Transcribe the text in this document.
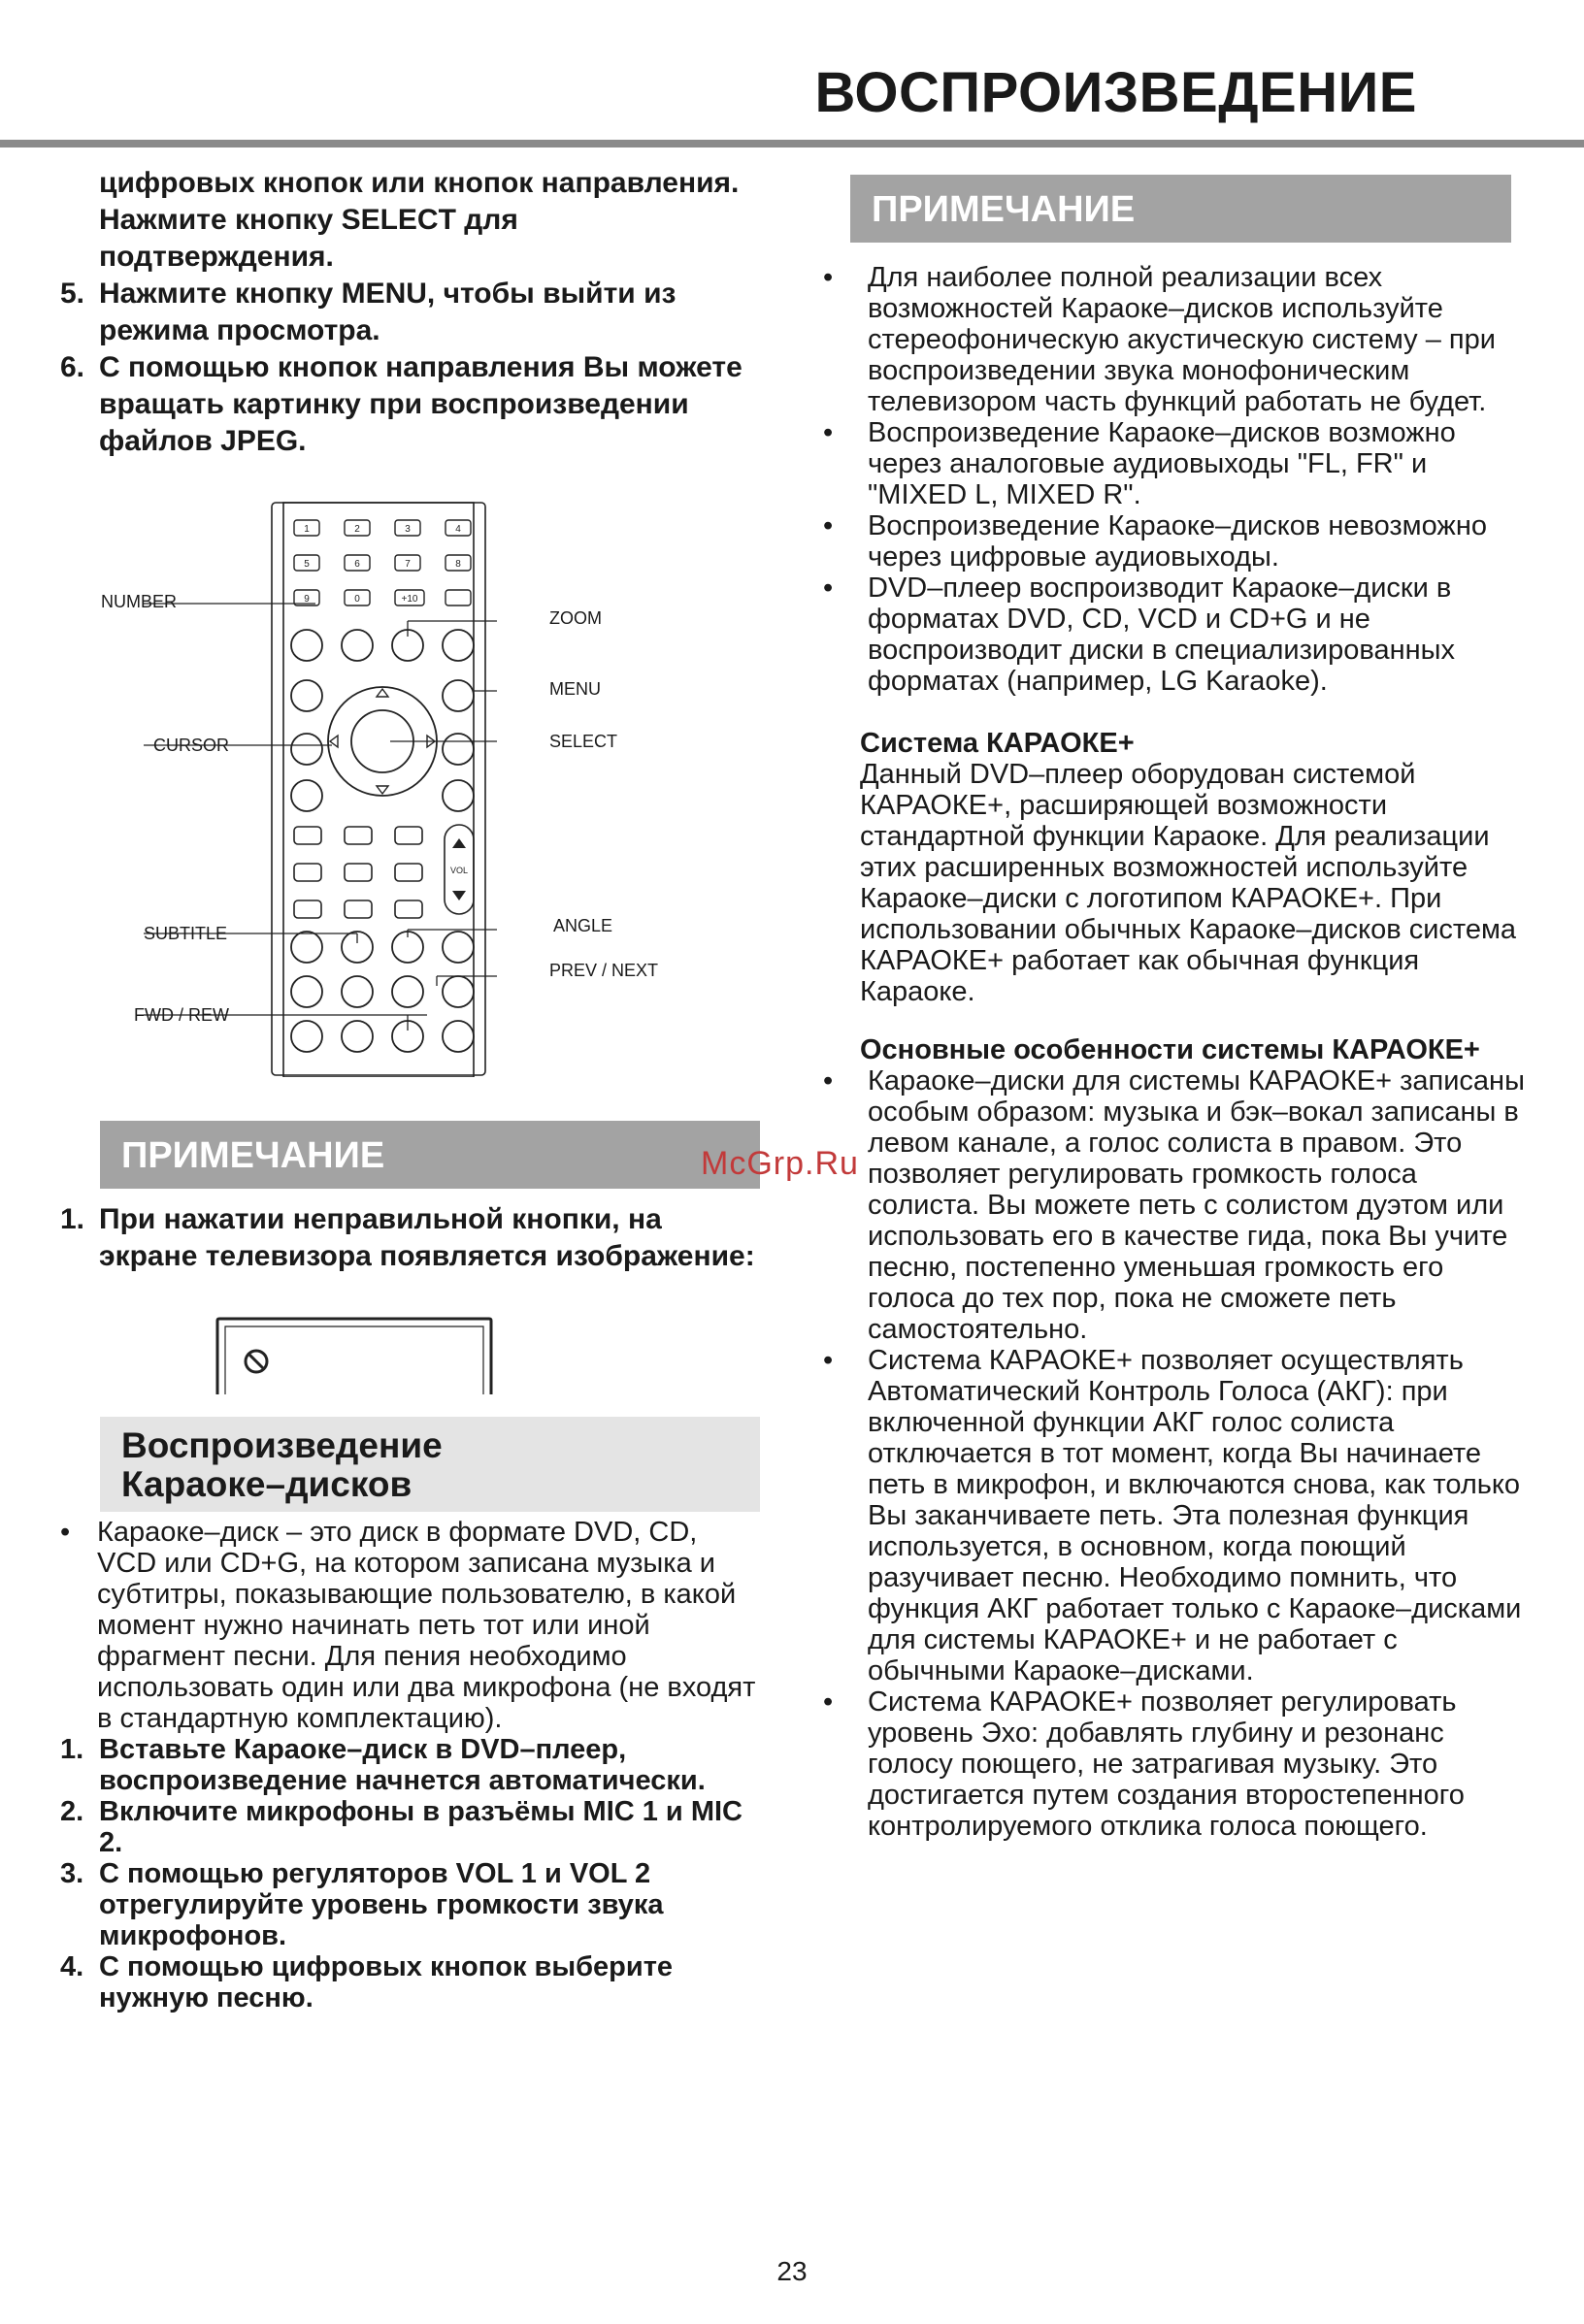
ВОСПРОИЗВЕДЕНИЕ
цифровых кнопок или кнопок направления. Нажмите кнопку SELECT для подтверждения.
5. Нажмите кнопку MENU, чтобы выйти из режима просмотра.
6. С помощью кнопок направления Вы можете вращать картинку при воспроизведении файлов JPEG.
1	2	3	4
5	6	7	8
9	0	+10
VOL
NUMBER
CURSOR
SUBTITLE
FWD / REW
ZOOM
MENU
SELECT
ANGLE
PREV / NEXT
ПРИМЕЧАНИЕ
1. При нажатии неправильной кнопки, на экране телевизора появляется изображение:
Воспроизведение
Караоке–дисков
• Караоке–диск – это диск в формате DVD, CD, VCD или CD+G, на котором записана музыка и субтитры, показывающие пользователю, в какой момент нужно начинать петь тот или иной фрагмент песни. Для пения необходимо использовать один или два микрофона (не входят в стандартную комплектацию).
1. Вставьте Караоке–диск в DVD–плеер, воспроизведение начнется автоматически.
2. Включите микрофоны в разъёмы MIC 1 и MIC 2.
3. С помощью регуляторов VOL 1 и VOL 2 отрегулируйте уровень громкости звука микрофонов.
4. С помощью цифровых кнопок выберите нужную песню.
ПРИМЕЧАНИЕ
•	Для наиболее полной реализации всех возможностей Караоке–дисков используйте стереофоническую акустическую систему – при воспроизведении звука монофоническим телевизором часть функций работать не будет.
•	Воспроизведение Караоке–дисков возможно через аналоговые аудиовыходы "FL, FR" и "MIXED L, MIXED R".
•	Воспроизведение Караоке–дисков невозможно через цифровые аудиовыходы.
•	DVD–плеер воспроизводит Караоке–диски в форматах DVD, CD, VCD и CD+G и не воспроизводит диски в специализированных форматах (например, LG Karaoke).
Система КАРАОКЕ+
Данный DVD–плеер оборудован системой КАРАОКЕ+, расширяющей возможности стандартной функции Караоке. Для реализации этих расширенных возможностей используйте Караоке–диски с логотипом КАРАОКЕ+. При использовании обычных Караоке–дисков система КАРАОКЕ+ работает как обычная функция Караоке.
Основные особенности системы КАРАОКЕ+
•	Караоке–диски для системы КАРАОКЕ+ записаны особым образом: музыка и бэк–вокал записаны в левом канале, а голос солиста в правом. Это позволяет регулировать громкость голоса солиста. Вы можете петь с солистом дуэтом или использовать его в качестве гида, пока Вы учите песню, постепенно уменьшая громкость его голоса до тех пор, пока не сможете петь самостоятельно.
•	Система КАРАОКЕ+ позволяет осуществлять Автоматический Контроль Голоса (АКГ): при включенной функции АКГ голос солиста отключается в тот момент, когда Вы начинаете петь в микрофон, и включаются снова, как только Вы заканчиваете петь. Эта полезная функция используется, в основном, когда поющий разучивает песню. Необходимо помнить, что функция АКГ работает только с Караоке–дисками для системы КАРАОКЕ+ и не работает с обычными Караоке–дисками.
•	Система КАРАОКЕ+ позволяет регулировать уровень Эхо: добавлять глубину и резонанс голосу поющего, не затрагивая музыку. Это достигается путем создания второстепенного контролируемого отклика голоса поющего.
McGrp.Ru
23
